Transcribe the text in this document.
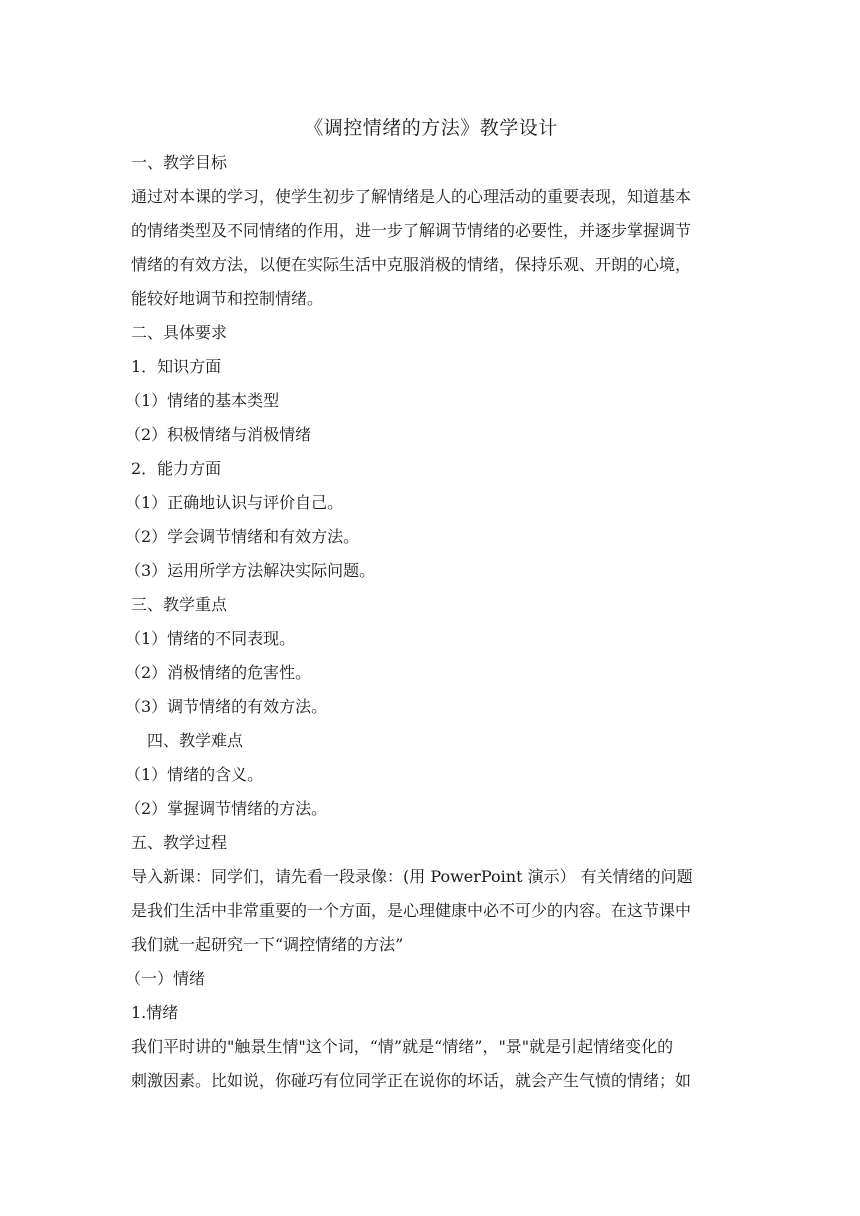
《调控情绪的方法》教学设计
一、教学目标
通过对本课的学习，使学生初步了解情绪是人的心理活动的重要表现，知道基本
的情绪类型及不同情绪的作用，进一步了解调节情绪的必要性，并逐步掌握调节
情绪的有效方法，以便在实际生活中克服消极的情绪，保持乐观、开朗的心境，
能较好地调节和控制情绪。
二、具体要求
1．知识方面
（1）情绪的基本类型
（2）积极情绪与消极情绪
2．能力方面
（1）正确地认识与评价自己。
（2）学会调节情绪和有效方法。
（3）运用所学方法解决实际问题。
三、教学重点
（1）情绪的不同表现。
（2）消极情绪的危害性。
（3）调节情绪的有效方法。
四、教学难点
（1）情绪的含义。
（2）掌握调节情绪的方法。
五、教学过程
导入新课：同学们，请先看一段录像：(用 PowerPoint 演示） 有关情绪的问题
是我们生活中非常重要的一个方面，是心理健康中必不可少的内容。在这节课中
我们就一起研究一下“调控情绪的方法”
（一）情绪
1.情绪
我们平时讲的"触景生情"这个词，“情”就是“情绪”，"景"就是引起情绪变化的
刺激因素。比如说，你碰巧有位同学正在说你的坏话，就会产生气愤的情绪；如
